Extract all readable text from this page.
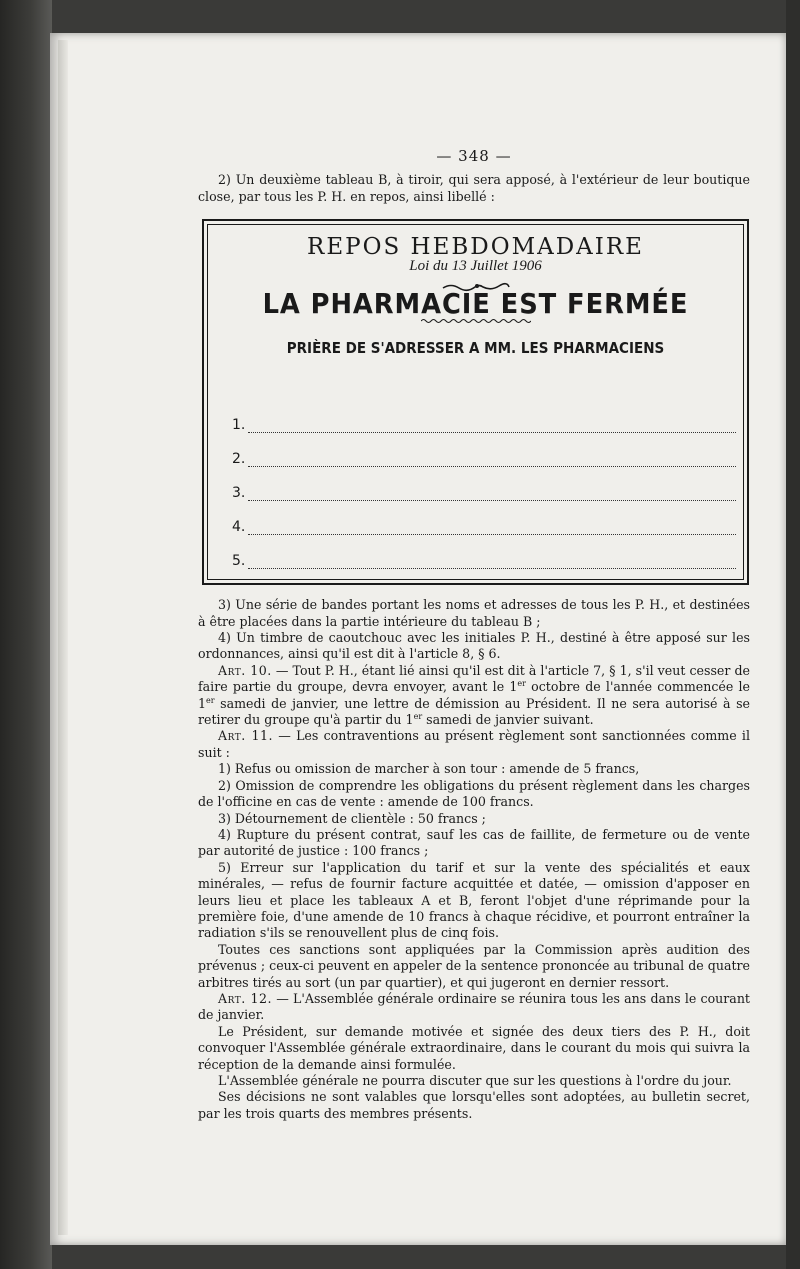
— 348 —

2) Un deuxième tableau B, à tiroir, qui sera apposé, à l'extérieur de leur boutique close, par tous les P. H. en repos, ainsi libellé :

REPOS HEBDOMADAIRE
Loi du 13 Juillet 1906
LA PHARMACIE EST FERMÉE
PRIÈRE DE S'ADRESSER A MM. LES PHARMACIENS
1.
2.
3.
4.
5.

3) Une série de bandes portant les noms et adresses de tous les P. H., et destinées à être placées dans la partie intérieure du tableau B ;

4) Un timbre de caoutchouc avec les initiales P. H., destiné à être apposé sur les ordonnances, ainsi qu'il est dit à l'article 8, § 6.

Art. 10. — Tout P. H., étant lié ainsi qu'il est dit à l'article 7, § 1, s'il veut cesser de faire partie du groupe, devra envoyer, avant le 1er octobre de l'année commencée le 1er samedi de janvier, une lettre de démission au Président. Il ne sera autorisé à se retirer du groupe qu'à partir du 1er samedi de janvier suivant.

Art. 11. — Les contraventions au présent règlement sont sanctionnées comme il suit :

1) Refus ou omission de marcher à son tour : amende de 5 francs,

2) Omission de comprendre les obligations du présent règlement dans les charges de l'officine en cas de vente : amende de 100 francs.

3) Détournement de clientèle : 50 francs ;

4) Rupture du présent contrat, sauf les cas de faillite, de fermeture ou de vente par autorité de justice : 100 francs ;

5) Erreur sur l'application du tarif et sur la vente des spécialités et eaux minérales, — refus de fournir facture acquittée et datée, — omission d'apposer en leurs lieu et place les tableaux A et B, feront l'objet d'une réprimande pour la première foie, d'une amende de 10 francs à chaque récidive, et pourront entraîner la radiation s'ils se renouvellent plus de cinq fois.

Toutes ces sanctions sont appliquées par la Commission après audition des prévenus ; ceux-ci peuvent en appeler de la sentence prononcée au tribunal de quatre arbitres tirés au sort (un par quartier), et qui jugeront en dernier ressort.

Art. 12. — L'Assemblée générale ordinaire se réunira tous les ans dans le courant de janvier.

Le Président, sur demande motivée et signée des deux tiers des P. H., doit convoquer l'Assemblée générale extraordinaire, dans le courant du mois qui suivra la réception de la demande ainsi formulée.

L'Assemblée générale ne pourra discuter que sur les questions à l'ordre du jour.

Ses décisions ne sont valables que lorsqu'elles sont adoptées, au bulletin secret, par les trois quarts des membres présents.
